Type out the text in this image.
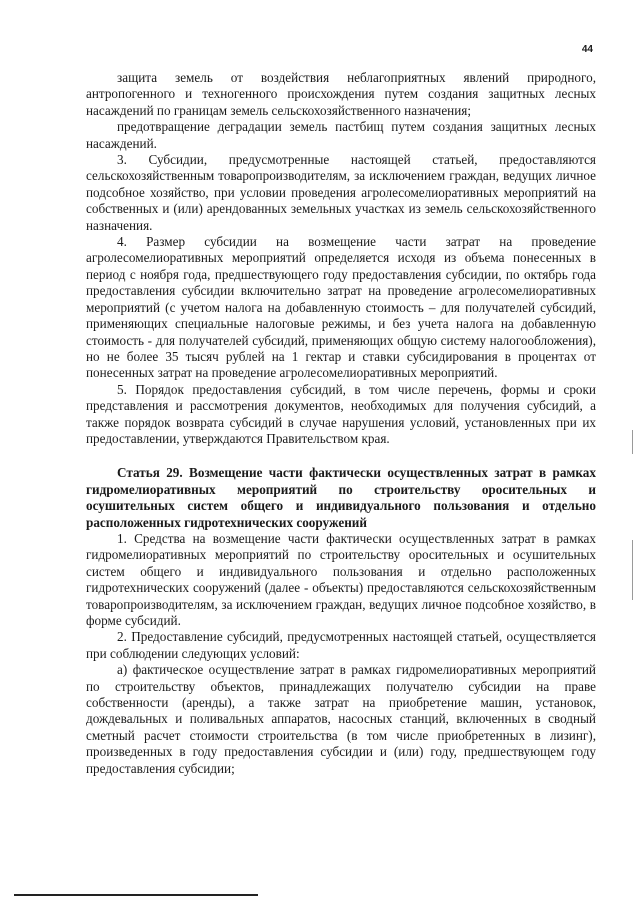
44

защита земель от воздействия неблагоприятных явлений природного, антропогенного и техногенного происхождения путем создания защитных лесных насаждений по границам земель сельскохозяйственного назначения;

предотвращение деградации земель пастбищ путем создания защитных лесных насаждений.

3. Субсидии, предусмотренные настоящей статьей, предоставляются сельскохозяйственным товаропроизводителям, за исключением граждан, ведущих личное подсобное хозяйство, при условии проведения агролесомелиоративных мероприятий на собственных и (или) арендованных земельных участках из земель сельскохозяйственного назначения.

4. Размер субсидии на возмещение части затрат на проведение агролесомелиоративных мероприятий определяется исходя из объема понесенных в период с ноября года, предшествующего году предоставления субсидии, по октябрь года предоставления субсидии включительно затрат на проведение агролесомелиоративных мероприятий (с учетом налога на добавленную стоимость – для получателей субсидий, применяющих специальные налоговые режимы, и без учета налога на добавленную стоимость - для получателей субсидий, применяющих общую систему налогообложения), но не более 35 тысяч рублей на 1 гектар и ставки субсидирования в процентах от понесенных затрат на проведение агролесомелиоративных мероприятий.

5. Порядок предоставления субсидий, в том числе перечень, формы и сроки представления и рассмотрения документов, необходимых для получения субсидий, а также порядок возврата субсидий в случае нарушения условий, установленных при их предоставлении, утверждаются Правительством края.

Статья 29. Возмещение части фактически осуществленных затрат в рамках гидромелиоративных мероприятий по строительству оросительных и осушительных систем общего и индивидуального пользования и отдельно расположенных гидротехнических сооружений

1. Средства на возмещение части фактически осуществленных затрат в рамках гидромелиоративных мероприятий по строительству оросительных и осушительных систем общего и индивидуального пользования и отдельно расположенных гидротехнических сооружений (далее - объекты) предоставляются сельскохозяйственным товаропроизводителям, за исключением граждан, ведущих личное подсобное хозяйство, в форме субсидий.

2. Предоставление субсидий, предусмотренных настоящей статьей, осуществляется при соблюдении следующих условий:

а) фактическое осуществление затрат в рамках гидромелиоративных мероприятий по строительству объектов, принадлежащих получателю субсидии на праве собственности (аренды), а также затрат на приобретение машин, установок, дождевальных и поливальных аппаратов, насосных станций, включенных в сводный сметный расчет стоимости строительства (в том числе приобретенных в лизинг), произведенных в году предоставления субсидии и (или) году, предшествующем году предоставления субсидии;
